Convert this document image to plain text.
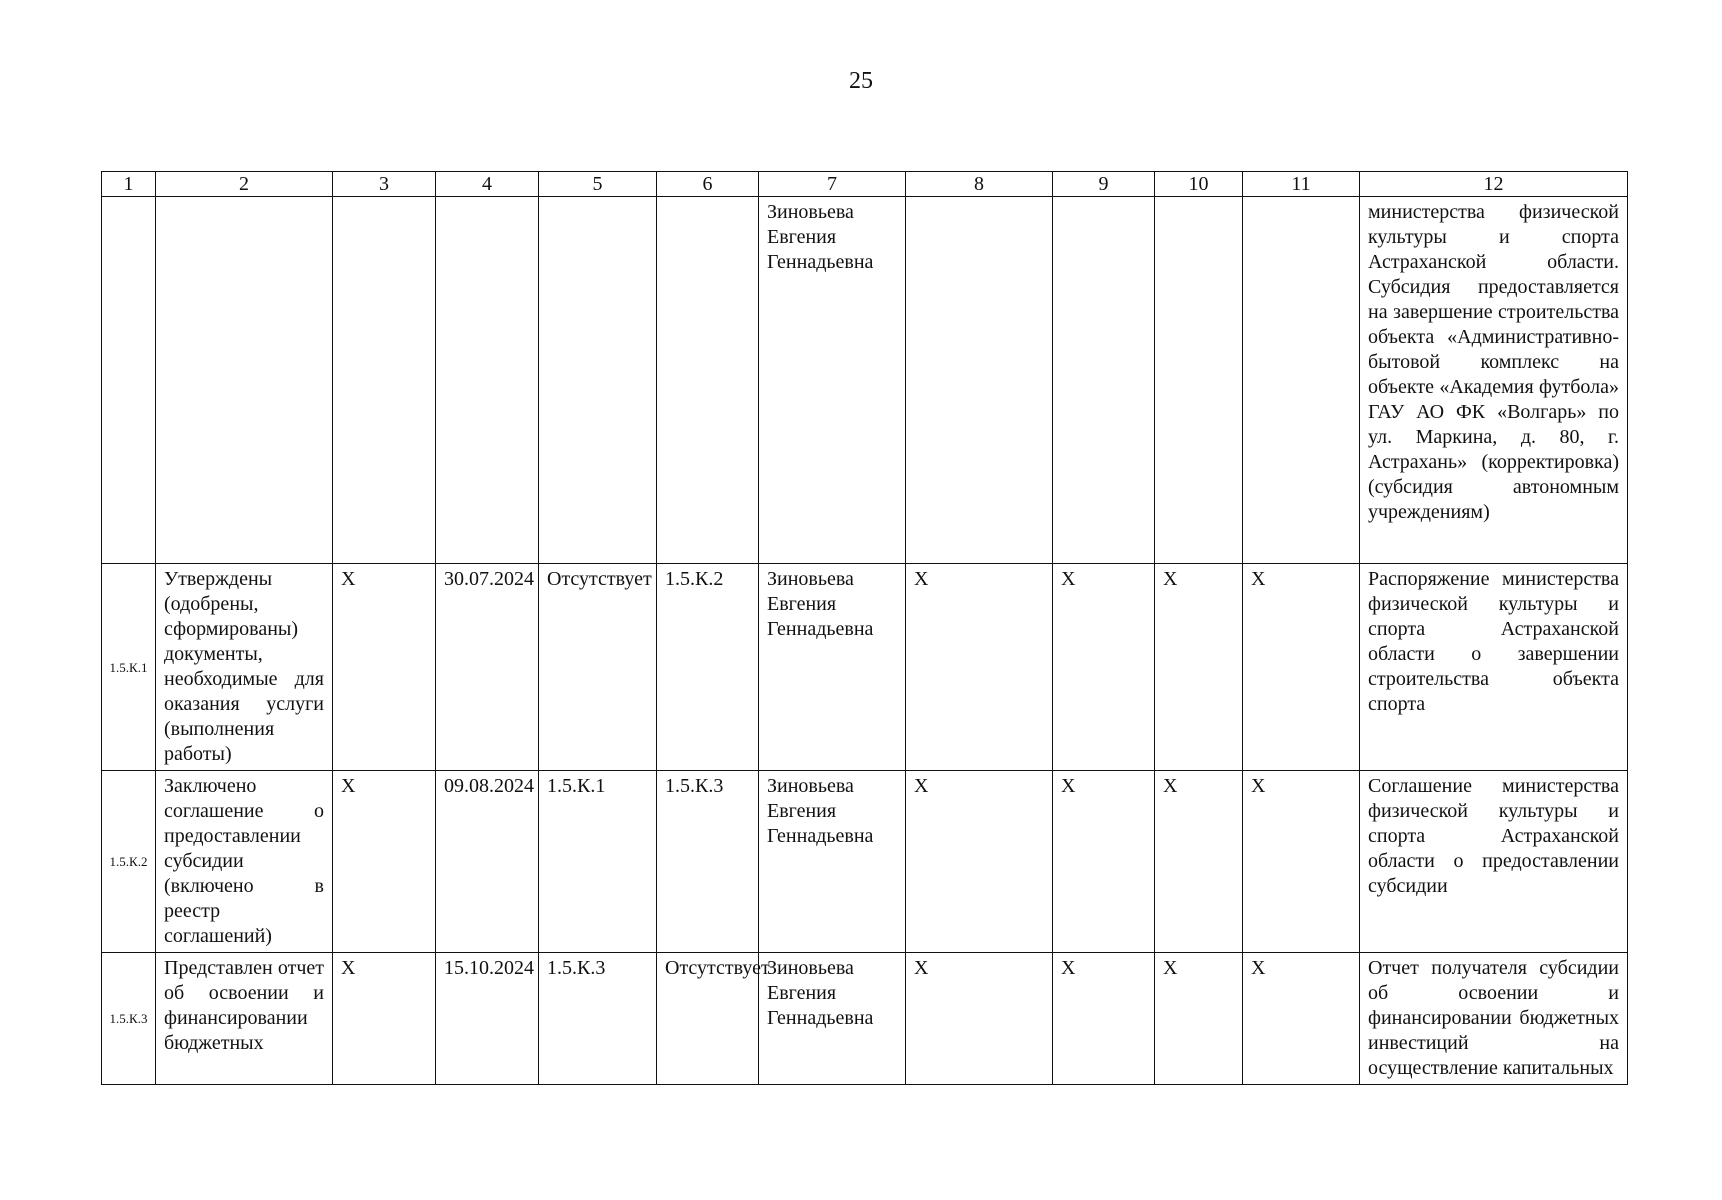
25
1	2	3	4	5	6	7	8	9	10	11	12
						Зиновьева Евгения Геннадьевна					министерства физической культуры и спорта Астраханской области. Субсидия предоставляется на завершение строительства объекта «Административно-бытовой комплекс на объекте «Академия футбола» ГАУ АО ФК «Волгарь» по ул. Маркина, д. 80, г. Астрахань» (корректировка) (субсидия автономным учреждениям)
1.5.К.1	Утверждены (одобрены, сформированы) документы, необходимые для оказания услуги (выполнения работы)	Х	30.07.2024	Отсутствует	1.5.К.2	Зиновьева Евгения Геннадьевна	Х	Х	Х	Х	Распоряжение министерства физической культуры и спорта Астраханской области о завершении строительства объекта спорта
1.5.К.2	Заключено соглашение о предоставлении субсидии (включено в реестр соглашений)	Х	09.08.2024	1.5.К.1	1.5.К.3	Зиновьева Евгения Геннадьевна	Х	Х	Х	Х	Соглашение министерства физической культуры и спорта Астраханской области о предоставлении субсидии
1.5.К.3	Представлен отчет об освоении и финансировании бюджетных	Х	15.10.2024	1.5.К.3	Отсутствует	Зиновьева Евгения Геннадьевна	Х	Х	Х	Х	Отчет получателя субсидии об освоении и финансировании бюджетных инвестиций на осуществление капитальных
